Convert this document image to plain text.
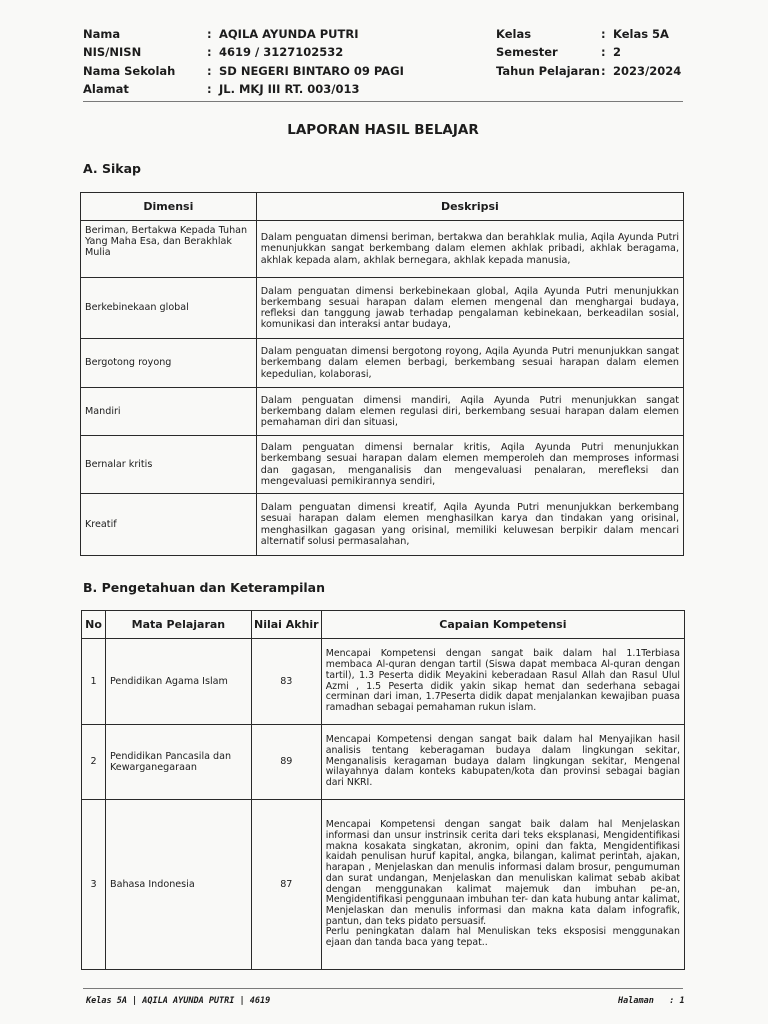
Nama	: AQILA AYUNDA PUTRI
NIS/NISN	: 4619 / 3127102532
Nama Sekolah	: SD NEGERI BINTARO 09 PAGI
Alamat	: JL. MKJ III RT. 003/013
Kelas	: Kelas 5A
Semester	: 2
Tahun Pelajaran : 2023/2024
LAPORAN HASIL BELAJAR
A. Sikap
Dimensi	Deskripsi
Beriman, Bertakwa Kepada Tuhan Yang Maha Esa, dan Berakhlak Mulia	Dalam penguatan dimensi beriman, bertakwa dan berahklak mulia, Aqila Ayunda Putri menunjukkan sangat berkembang dalam elemen akhlak pribadi, akhlak beragama, akhlak kepada alam, akhlak bernegara, akhlak kepada manusia,
Berkebinekaan global	Dalam penguatan dimensi berkebinekaan global, Aqila Ayunda Putri menunjukkan berkembang sesuai harapan dalam elemen mengenal dan menghargai budaya, refleksi dan tanggung jawab terhadap pengalaman kebinekaan, berkeadilan sosial, komunikasi dan interaksi antar budaya,
Bergotong royong	Dalam penguatan dimensi bergotong royong, Aqila Ayunda Putri menunjukkan sangat berkembang dalam elemen berbagi, berkembang sesuai harapan dalam elemen kepedulian, kolaborasi,
Mandiri	Dalam penguatan dimensi mandiri, Aqila Ayunda Putri menunjukkan sangat berkembang dalam elemen regulasi diri, berkembang sesuai harapan dalam elemen pemahaman diri dan situasi,
Bernalar kritis	Dalam penguatan dimensi bernalar kritis, Aqila Ayunda Putri menunjukkan berkembang sesuai harapan dalam elemen memperoleh dan memproses informasi dan gagasan, menganalisis dan mengevaluasi penalaran, merefleksi dan mengevaluasi pemikirannya sendiri,
Kreatif	Dalam penguatan dimensi kreatif, Aqila Ayunda Putri menunjukkan berkembang sesuai harapan dalam elemen menghasilkan karya dan tindakan yang orisinal, menghasilkan gagasan yang orisinal, memiliki keluwesan berpikir dalam mencari alternatif solusi permasalahan,
B. Pengetahuan dan Keterampilan
No	Mata Pelajaran	Nilai Akhir	Capaian Kompetensi
1	Pendidikan Agama Islam	83	Mencapai Kompetensi dengan sangat baik dalam hal 1.1Terbiasa membaca Al-quran dengan tartil (Siswa dapat membaca Al-quran dengan tartil), 1.3 Peserta didik Meyakini keberadaan Rasul Allah dan Rasul Ulul Azmi , 1.5 Peserta didik yakin sikap hemat dan sederhana sebagai cerminan dari iman, 1.7Peserta didik dapat menjalankan kewajiban puasa ramadhan sebagai pemahaman rukun islam.
2	Pendidikan Pancasila dan Kewarganegaraan	89	Mencapai Kompetensi dengan sangat baik dalam hal Menyajikan hasil analisis tentang keberagaman budaya dalam lingkungan sekitar, Menganalisis keragaman budaya dalam lingkungan sekitar, Mengenal wilayahnya dalam konteks kabupaten/kota dan provinsi sebagai bagian dari NKRI.
3	Bahasa Indonesia	87	Mencapai Kompetensi dengan sangat baik dalam hal Menjelaskan informasi dan unsur instrinsik cerita dari teks eksplanasi, Mengidentifikasi makna kosakata singkatan, akronim, opini dan fakta, Mengidentifikasi kaidah penulisan huruf kapital, angka, bilangan, kalimat perintah, ajakan, harapan , Menjelaskan dan menulis informasi dalam brosur, pengumuman dan surat undangan, Menjelaskan dan menuliskan kalimat sebab akibat dengan menggunakan kalimat majemuk dan imbuhan pe-an, Mengidentifikasi penggunaan imbuhan ter- dan kata hubung antar kalimat, Menjelaskan dan menulis informasi dan makna kata dalam infografik, pantun, dan teks pidato persuasif.
Perlu peningkatan dalam hal Menuliskan teks eksposisi menggunakan ejaan dan tanda baca yang tepat..
Kelas 5A | AQILA AYUNDA PUTRI | 4619	Halaman : 1
